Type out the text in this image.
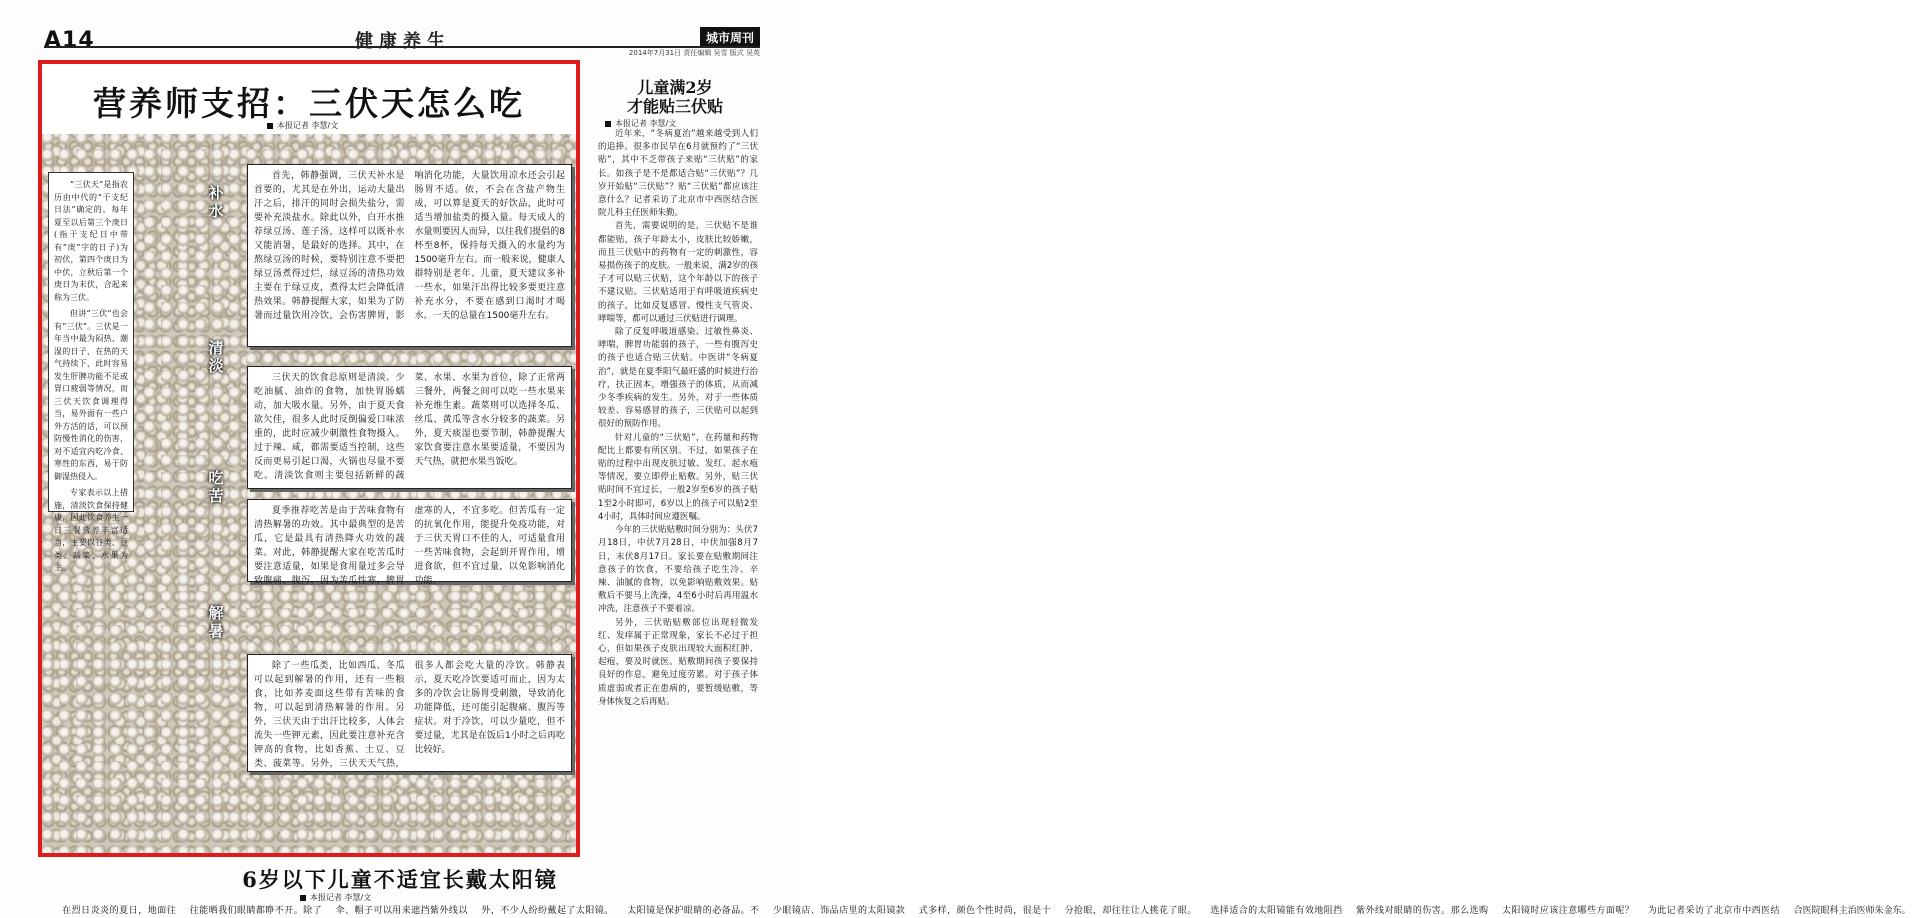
A14	健康养生	城市周刊
2014年7月31日 责任编辑 吴雪 版式 吴英
营养师支招：三伏天怎么吃
本报记者 李慧/文

首先，韩静强调，三伏天补水是首要的，尤其是在外出，运动大量出汗之后，排汗的同时会损失盐分，需要补充淡盐水。除此以外，白开水推荐绿豆汤、莲子汤，这样可以既补水又能消暑，是最好的选择。其中，在熬绿豆汤的时候，要特别注意不要把绿豆汤煮得过烂，绿豆汤的清热功效主要在于绿豆皮，煮得太烂会降低清热效果。韩静提醒大家，如果为了防暑而过量饮用冷饮，会伤害脾胃，影响消化功能，大量饮用凉水还会引起肠胃不适。依，不会在含盐产物生成，可以算是夏天的好饮品，此时可适当增加盐类的摄入量。每天成人的水量则要因人而异，以往我们提倡的8杯至8杯，保持每天摄入的水量约为1500毫升左右。而一般来说，健康人群特别是老年、儿童，夏天建议多补一些水，如果汗出得比较多要更注意补充水分，不要在感到口渴时才喝水。一天的总量在1500毫升左右。

补水

三伏天的饮食总原则是清淡。少吃油腻、油炸的食物，加快胃肠蠕动，加大吸水量。另外，由于夏天食欲欠佳，很多人此时反倒偏爱口味浓重的，此时应减少刺激性食物摄入。过于辣、咸，都需要适当控制，这些反而更易引起口渴，火锅也尽量不要吃。清淡饮食则主要包括新鲜的蔬菜、水果、水果为首位，除了正常两三餐外，两餐之间可以吃一些水果来补充维生素。蔬菜则可以选择冬瓜、丝瓜、黄瓜等含水分较多的蔬菜。另外，夏天痰湿也要节制，韩静提醒大家饮食要注意水果要适量，不要因为天气热，就把水果当饭吃。

清淡

夏季推荐吃苦是由于苦味食物有清热解暑的功效。其中最典型的是苦瓜，它是最具有清热降火功效的蔬菜。对此，韩静提醒大家在吃苦瓜时要注意适量，如果是食用量过多会导致腹痛、腹泻，因为苦瓜性寒，脾胃虚寒的人，不宜多吃。但苦瓜有一定的抗氧化作用，能提升免疫功能，对于三伏天胃口不佳的人，可适量食用一些苦味食物，会起到开胃作用，增进食欲，但不宜过量，以免影响消化功能。

吃苦

除了一些瓜类，比如西瓜、冬瓜可以起到解暑的作用，还有一些粮食，比如荞麦面这些带有苦味的食物，可以起到清热解暑的作用。另外，三伏天由于出汗比较多，人体会流失一些钾元素，因此要注意补充含钾高的食物，比如香蕉、土豆、豆类、菠菜等。另外，三伏天天气热，很多人都会吃大量的冷饮。韩静表示，夏天吃冷饮要适可而止，因为太多的冷饮会让肠胃受刺激，导致消化功能降低，还可能引起腹痛、腹泻等症状。对于冷饮，可以少量吃，但不要过量，尤其是在饭后1小时之后再吃比较好。

解暑

“三伏天”是指农历由中代的“干支纪日法”确定的。每年夏至以后第三个庚日(指干支纪日中带有“庚”字的日子)为初伏，第四个庚日为中伏，立秋后第一个庚日为末伏，合起来称为三伏。

但讲“三伏”也会有“三伏”。三伏是一年当中最为闷热、潮湿的日子，在热的天气持续下，此时容易发生肝脾功能不足或胃口疲弱等情况，而三伏天饮食调理得当，易外面有一些户外方活的话，可以预防慢性消化的伤害，对不适宜内吃冷食、寒性的东西，易于防御湿热侵入。

专家表示以上措施，清淡饮食保持健康，因此饮食养生一日三餐营养丰富适当，主要以谷类、豆类、蔬菜、水果为主。

儿童满2岁
才能贴三伏贴
本报记者 李慧/文

近年来，“冬病夏治”越来越受到人们的追捧。很多市民早在6月就预约了“三伏贴”，其中不乏带孩子来贴“三伏贴”的家长。如孩子是不是都适合贴“三伏贴”？几岁开始贴“三伏贴”？贴“三伏贴”都应该注意什么？记者采访了北京市中西医结合医院儿科主任医师朱勤。

首先，需要说明的是，三伏贴不是谁都能贴，孩子年龄太小，皮肤比较娇嫩，而且三伏贴中的药物有一定的刺激性，容易损伤孩子的皮肤。一般来说，满2岁的孩子才可以贴三伏贴，这个年龄以下的孩子不建议贴。三伏贴适用于有呼吸道疾病史的孩子，比如反复感冒、慢性支气管炎、哮喘等，都可以通过三伏贴进行调理。

除了反复呼吸道感染、过敏性鼻炎、哮喘，脾胃功能弱的孩子，一些有腹泻史的孩子也适合贴三伏贴。中医讲“冬病夏治”，就是在夏季阳气最旺盛的时候进行治疗，扶正固本，增强孩子的体质，从而减少冬季疾病的发生。另外，对于一些体质较差、容易感冒的孩子，三伏贴可以起到很好的预防作用。

针对儿童的“三伏贴”，在药量和药物配比上都要有所区别。不过，如果孩子在贴的过程中出现皮肤过敏、发红、起水疱等情况，要立即停止贴敷。另外，贴三伏贴时间不宜过长，一般2岁至6岁的孩子贴1至2小时即可，6岁以上的孩子可以贴2至4小时，具体时间应遵医嘱。

今年的三伏贴贴敷时间分别为：头伏7月18日，中伏7月28日，中伏加强8月7日，末伏8月17日。家长要在贴敷期间注意孩子的饮食，不要给孩子吃生冷、辛辣、油腻的食物，以免影响贴敷效果。贴敷后不要马上洗澡，4至6小时后再用温水冲洗，注意孩子不要着凉。

另外，三伏贴贴敷部位出现轻微发红、发痒属于正常现象，家长不必过于担心，但如果孩子皮肤出现较大面积红肿、起疱，要及时就医。贴敷期间孩子要保持良好的作息，避免过度劳累。对于孩子体质虚弱或者正在患病的，要暂缓贴敷，等身体恢复之后再贴。

6岁以下儿童不适宜长戴太阳镜
本报记者 李慧/文

在烈日炎炎的夏日，地面往往能晒我们眼睛都睁不开。除了伞、帽子可以用来遮挡紫外线以外，不少人纷纷戴起了太阳镜。太阳镜是保护眼睛的必备品。不少眼镜店、饰品店里的太阳镜款式多样，颜色个性时尚，很是十分抢眼，却往往让人挑花了眼。选择适合的太阳镜能有效地阻挡紫外线对眼睛的伤害。那么选购太阳镜时应该注意哪些方面呢？为此记者采访了北京市中西医结合医院眼科主治医师朱金东。
